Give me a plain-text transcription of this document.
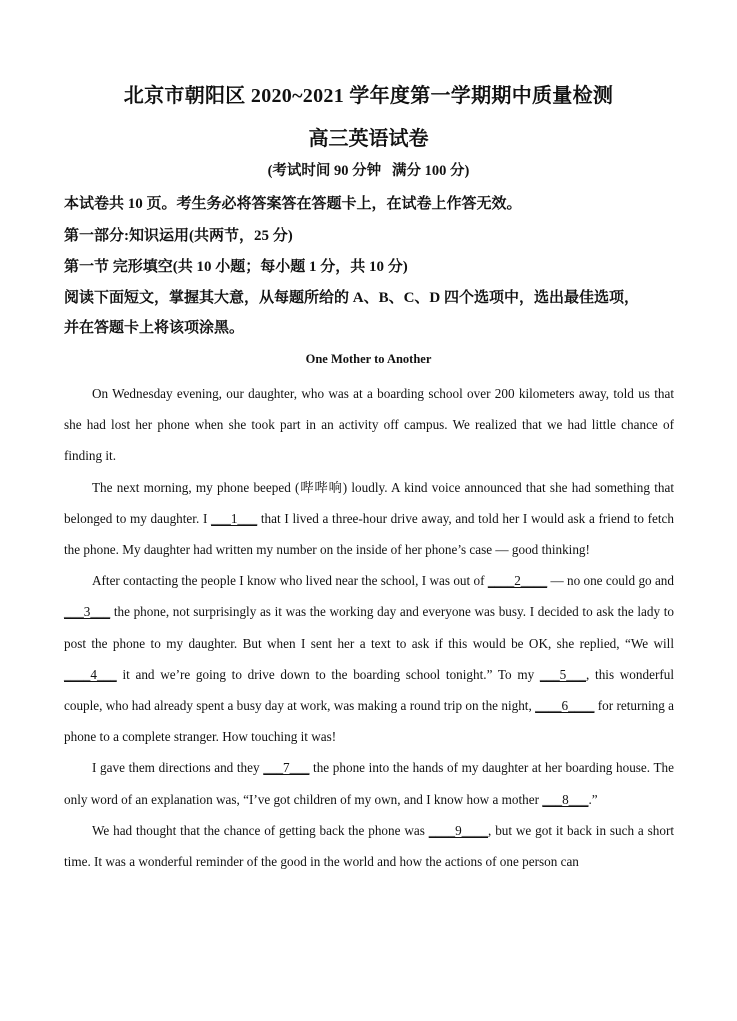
北京市朝阳区 2020~2021 学年度第一学期期中质量检测
高三英语试卷
(考试时间 90 分钟   满分 100 分)
本试卷共 10 页。考生务必将答案答在答题卡上，在试卷上作答无效。
第一部分:知识运用(共两节，25 分)
第一节 完形填空(共 10 小题；每小题 1 分，共 10 分)
阅读下面短文，掌握其大意，从每题所给的 A、B、C、D 四个选项中，选出最佳选项，
并在答题卡上将该项涂黑。
One Mother to Another

On Wednesday evening, our daughter, who was at a boarding school over 200 kilometers away, told us that she had lost her phone when she took part in an activity off campus. We realized that we had little chance of finding it.

The next morning, my phone beeped (哔哔响) loudly. A kind voice announced that she had something that belonged to my daughter. I ___1___ that I lived a three-hour drive away, and told her I would ask a friend to fetch the phone. My daughter had written my number on the inside of her phone’s case — good thinking!

After contacting the people I know who lived near the school, I was out of ____2____ — no one could go and ___3___ the phone, not surprisingly as it was the working day and everyone was busy. I decided to ask the lady to post the phone to my daughter. But when I sent her a text to ask if this would be OK, she replied, “We will ____4___ it and we’re going to drive down to the boarding school tonight.” To my ___5___, this wonderful couple, who had already spent a busy day at work, was making a round trip on the night, ____6____ for returning a phone to a complete stranger. How touching it was!

I gave them directions and they ___7___ the phone into the hands of my daughter at her boarding house. The only word of an explanation was, “I’ve got children of my own, and I know how a mother ___8___.”

We had thought that the chance of getting back the phone was ____9____, but we got it back in such a short time. It was a wonderful reminder of the good in the world and how the actions of one person can
